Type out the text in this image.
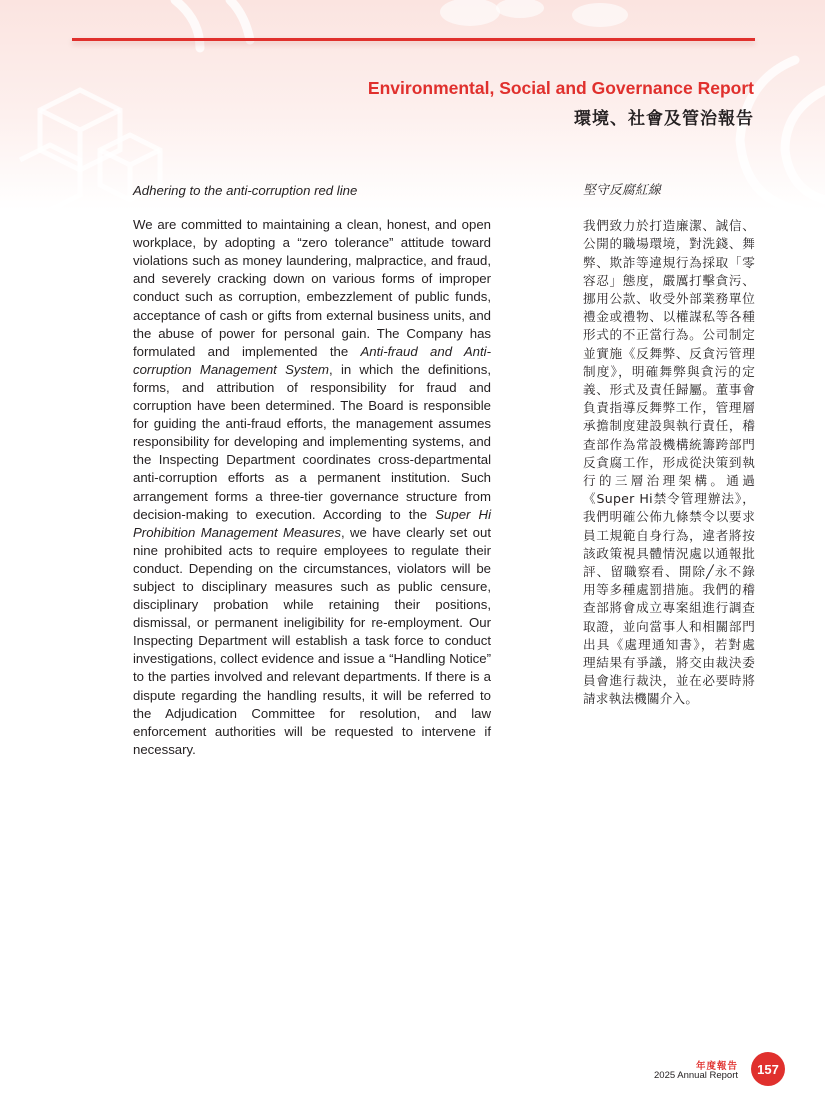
Environmental, Social and Governance Report
環境、社會及管治報告

Adhering to the anti-corruption red line

We are committed to maintaining a clean, honest, and open workplace, by adopting a “zero tolerance” attitude toward violations such as money laundering, malpractice, and fraud, and severely cracking down on various forms of improper conduct such as corruption, embezzlement of public funds, acceptance of cash or gifts from external business units, and the abuse of power for personal gain. The Company has formulated and implemented the Anti-fraud and Anti-corruption Management System, in which the definitions, forms, and attribution of responsibility for fraud and corruption have been determined. The Board is responsible for guiding the anti-fraud efforts, the management assumes responsibility for developing and implementing systems, and the Inspecting Department coordinates cross-departmental anti-corruption efforts as a permanent institution. Such arrangement forms a three-tier governance structure from decision-making to execution. According to the Super Hi Prohibition Management Measures, we have clearly set out nine prohibited acts to require employees to regulate their conduct. Depending on the circumstances, violators will be subject to disciplinary measures such as public censure, disciplinary probation while retaining their positions, dismissal, or permanent ineligibility for re-employment. Our Inspecting Department will establish a task force to conduct investigations, collect evidence and issue a “Handling Notice” to the parties involved and relevant departments. If there is a dispute regarding the handling results, it will be referred to the Adjudication Committee for resolution, and law enforcement authorities will be requested to intervene if necessary.

堅守反腐紅線

我們致力於打造廉潔、誠信、公開的職場環境，對洗錢、舞弊、欺詐等違規行為採取「零容忍」態度，嚴厲打擊貪污、挪用公款、收受外部業務單位禮金或禮物、以權謀私等各種形式的不正當行為。公司制定並實施《反舞弊、反貪污管理制度》，明確舞弊與貪污的定義、形式及責任歸屬。董事會負責指導反舞弊工作，管理層承擔制度建設與執行責任，稽查部作為常設機構統籌跨部門反貪腐工作，形成從決策到執行的三層治理架構。通過《Super Hi禁令管理辦法》，我們明確公佈九條禁令以要求員工規範自身行為，違者將按該政策視具體情況處以通報批評、留職察看、開除╱永不錄用等多種處罰措施。我們的稽查部將會成立專案組進行調查取證，並向當事人和相關部門出具《處理通知書》，若對處理結果有爭議，將交由裁決委員會進行裁決，並在必要時將請求執法機關介入。

年度報告
2025 Annual Report	157
